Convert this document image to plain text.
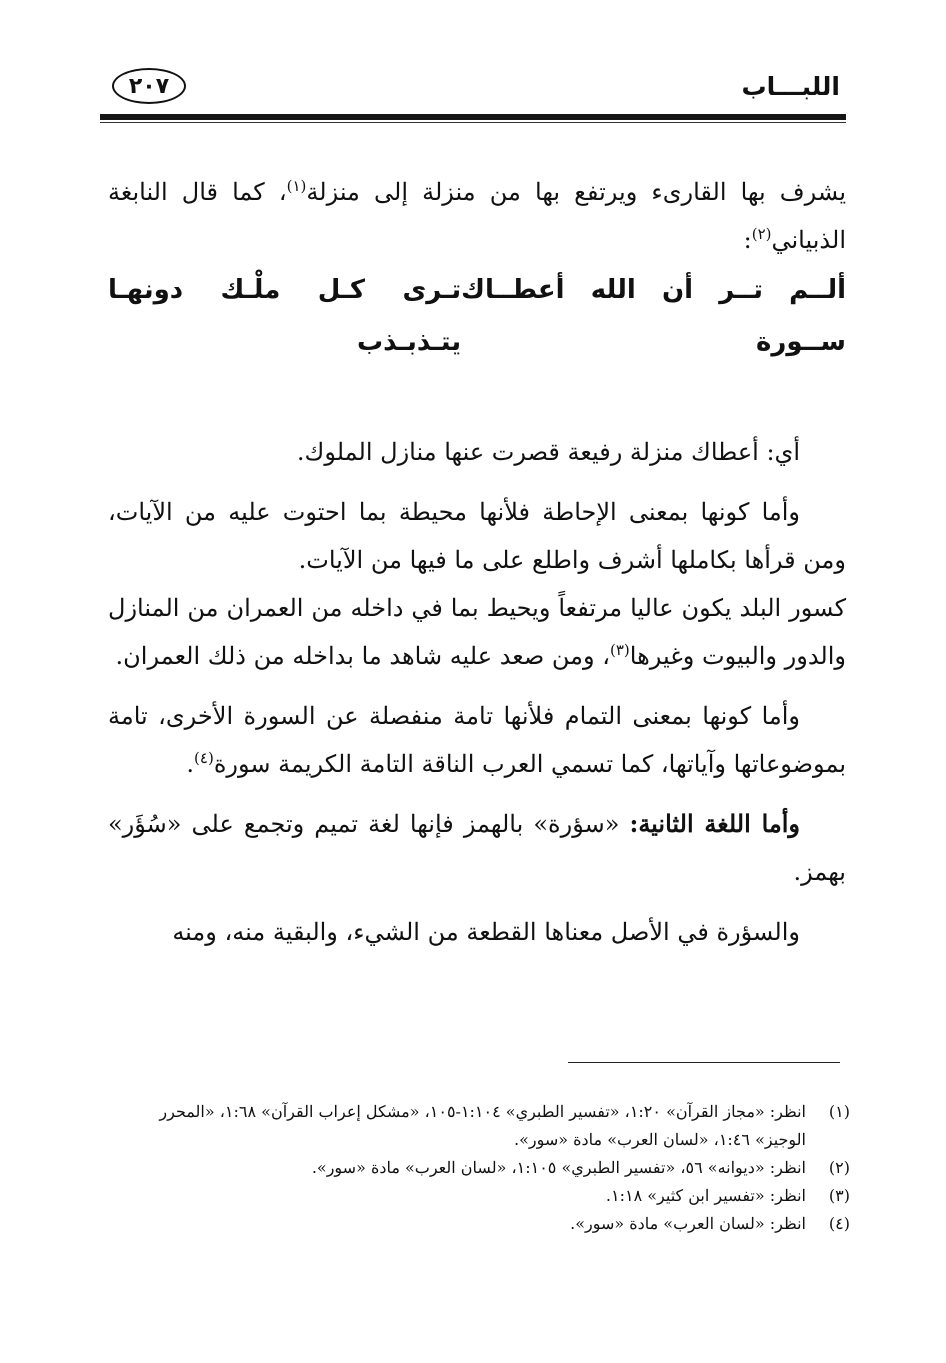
اللبـــاب
٢٠٧

يشرف بها القارىء ويرتفع بها من منزلة إلى منزلة$^{(١)}$، كما قال النابغة الذبياني$^{(٢)}$:

ألــم تــر أن الله أعطــاك ســورة
تـرى كـل ملْـك دونهـا يتـذبـذب

أي: أعطاك منزلة رفيعة قصرت عنها منازل الملوك.

وأما كونها بمعنى الإحاطة فلأنها محيطة بما احتوت عليه من الآيات، ومن قرأها بكاملها أشرف واطلع على ما فيها من الآيات.

كسور البلد يكون عاليا مرتفعاً ويحيط بما في داخله من العمران من المنازل والدور والبيوت وغيرها$^{(٣)}$، ومن صعد عليه شاهد ما بداخله من ذلك العمران.

وأما كونها بمعنى التمام فلأنها تامة منفصلة عن السورة الأخرى، تامة بموضوعاتها وآياتها، كما تسمي العرب الناقة التامة الكريمة سورة$^{(٤)}$.

وأما اللغة الثانية: «سؤرة» بالهمز فإنها لغة تميم وتجمع على «سُؤَر» بهمز.

والسؤرة في الأصل معناها القطعة من الشيء، والبقية منه، ومنه

(١)
انظر: «مجاز القرآن» ١:٢٠، «تفسير الطبري» ١:١٠٤-١٠٥، «مشكل إعراب القرآن» ١:٦٨، «المحرر الوجيز» ١:٤٦، «لسان العرب» مادة «سور».
(٢)
انظر: «ديوانه» ٥٦، «تفسير الطبري» ١:١٠٥، «لسان العرب» مادة «سور».
(٣)
انظر: «تفسير ابن كثير» ١:١٨.
(٤)
انظر: «لسان العرب» مادة «سور».
